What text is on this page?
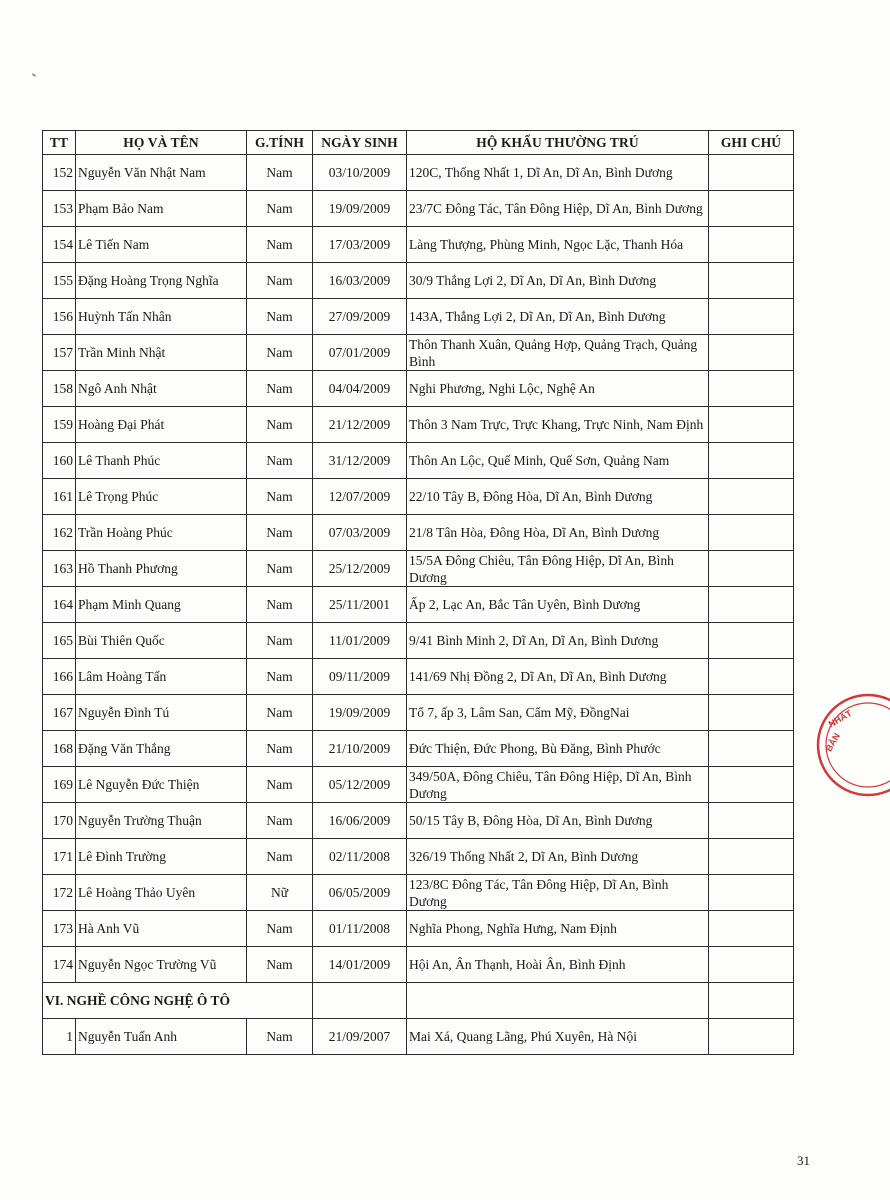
TT	HỌ VÀ TÊN	G.TÍNH	NGÀY SINH	HỘ KHẨU THƯỜNG TRÚ	GHI CHÚ
152	Nguyễn Văn Nhật Nam	Nam	03/10/2009	120C, Thống Nhất 1, Dĩ An, Dĩ An, Bình Dương	
153	Phạm Bảo Nam	Nam	19/09/2009	23/7C Đông Tác, Tân Đông Hiệp, Dĩ An, Bình Dương	
154	Lê Tiến Nam	Nam	17/03/2009	Làng Thượng, Phùng Minh, Ngọc Lặc, Thanh Hóa	
155	Đặng Hoàng Trọng Nghĩa	Nam	16/03/2009	30/9 Thắng Lợi 2, Dĩ An, Dĩ An, Bình Dương	
156	Huỳnh Tấn Nhân	Nam	27/09/2009	143A, Thắng Lợi 2, Dĩ An, Dĩ An, Bình Dương	
157	Trần Minh Nhật	Nam	07/01/2009	Thôn Thanh Xuân, Quảng Hợp, Quảng Trạch, Quảng Bình	
158	Ngô Anh Nhật	Nam	04/04/2009	Nghi Phương, Nghi Lộc, Nghệ An	
159	Hoàng Đại Phát	Nam	21/12/2009	Thôn 3 Nam Trực, Trực Khang, Trực Ninh, Nam Định	
160	Lê Thanh Phúc	Nam	31/12/2009	Thôn An Lộc, Quế Minh, Quế Sơn, Quảng Nam	
161	Lê Trọng Phúc	Nam	12/07/2009	22/10 Tây B, Đông Hòa, Dĩ An, Bình Dương	
162	Trần Hoàng Phúc	Nam	07/03/2009	21/8 Tân Hòa, Đông Hòa, Dĩ An, Bình Dương	
163	Hồ Thanh Phương	Nam	25/12/2009	15/5A Đông Chiêu, Tân Đông Hiệp, Dĩ An, Bình Dương	
164	Phạm Minh Quang	Nam	25/11/2001	Ấp 2, Lạc An, Bắc Tân Uyên, Bình Dương	
165	Bùi Thiên Quốc	Nam	11/01/2009	9/41 Bình Minh 2, Dĩ An, Dĩ An, Bình Dương	
166	Lâm Hoàng Tấn	Nam	09/11/2009	141/69 Nhị Đồng 2, Dĩ An, Dĩ An, Bình Dương	
167	Nguyễn Đình Tú	Nam	19/09/2009	Tổ 7, ấp 3, Lâm San, Cẩm Mỹ, ĐồngNai	
168	Đặng Văn Thắng	Nam	21/10/2009	Đức Thiện, Đức Phong, Bù Đăng, Bình Phước	
169	Lê Nguyễn Đức Thiện	Nam	05/12/2009	349/50A, Đông Chiêu, Tân Đông Hiệp, Dĩ An, Bình Dương	
170	Nguyễn Trường Thuận	Nam	16/06/2009	50/15 Tây B, Đông Hòa, Dĩ An, Bình Dương	
171	Lê Đình Trường	Nam	02/11/2008	326/19 Thống Nhất 2, Dĩ An, Bình Dương	
172	Lê Hoàng Thảo Uyên	Nữ	06/05/2009	123/8C Đông Tác, Tân Đông Hiệp, Dĩ An, Bình Dương	
173	Hà Anh Vũ	Nam	01/11/2008	Nghĩa Phong, Nghĩa Hưng, Nam Định	
174	Nguyễn Ngọc Trường Vũ	Nam	14/01/2009	Hội An, Ân Thạnh, Hoài Ân, Bình Định	
VI. NGHỀ CÔNG NGHỆ Ô TÔ					
1	Nguyễn Tuấn Anh	Nam	21/09/2007	Mai Xá, Quang Lãng, Phú Xuyên, Hà Nội	
BẢN
NHẤT
31
